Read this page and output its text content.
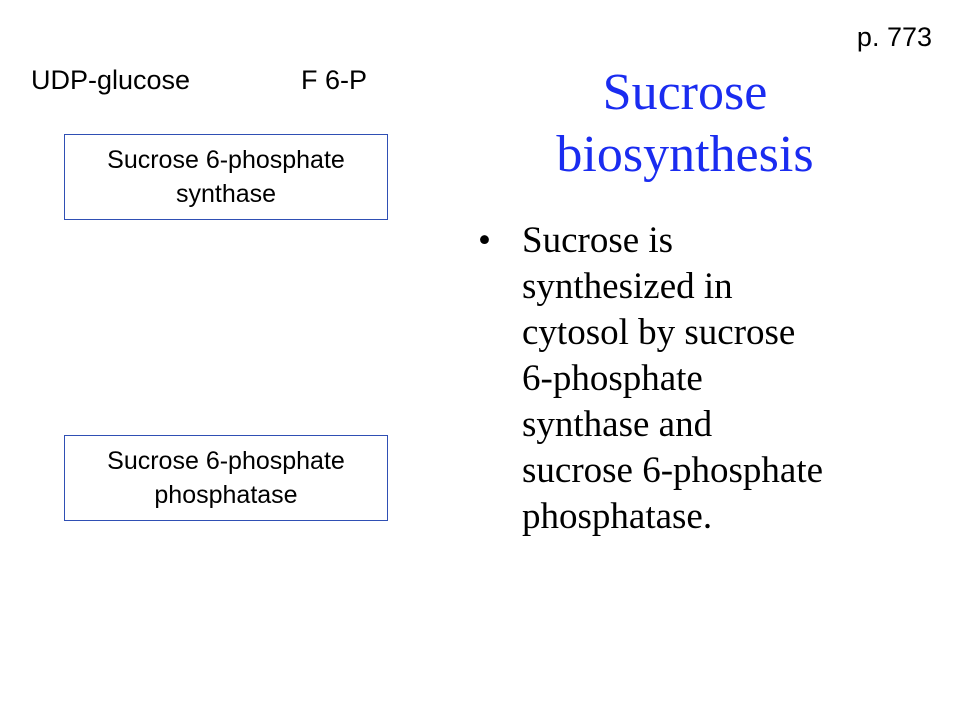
p. 773
UDP-glucose	F 6-P
Sucrose 6-phosphate
synthase
Sucrose 6-phosphate
phosphatase
Sucrose
biosynthesis
• Sucrose is
synthesized in
cytosol by sucrose
6-phosphate
synthase and
sucrose 6-phosphate
phosphatase.
